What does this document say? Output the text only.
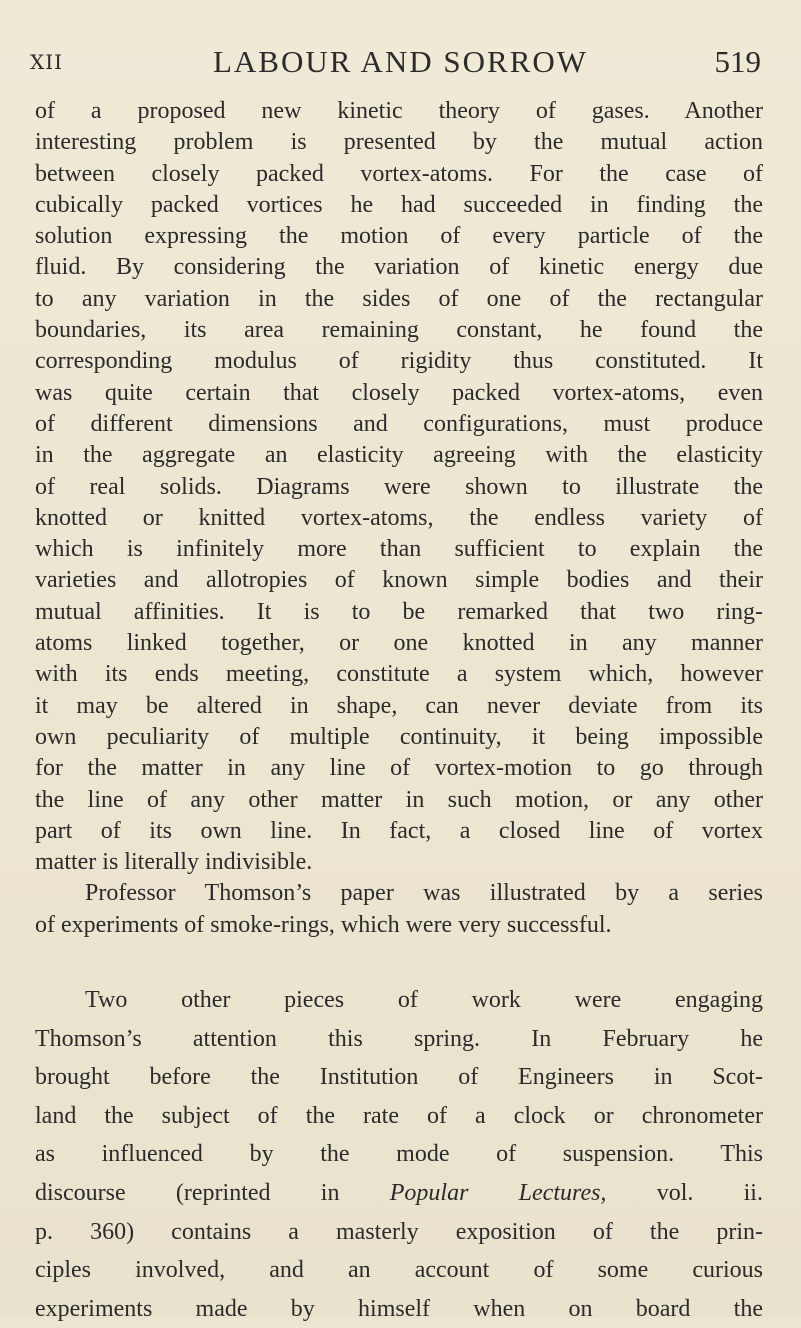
XII	LABOUR AND SORROW	519
of a proposed new kinetic theory of gases. Another
interesting problem is presented by the mutual action
between closely packed vortex-atoms. For the case of
cubically packed vortices he had succeeded in finding the
solution expressing the motion of every particle of the
fluid. By considering the variation of kinetic energy due
to any variation in the sides of one of the rectangular
boundaries, its area remaining constant, he found the
corresponding modulus of rigidity thus constituted. It
was quite certain that closely packed vortex-atoms, even
of different dimensions and configurations, must produce
in the aggregate an elasticity agreeing with the elasticity
of real solids. Diagrams were shown to illustrate the
knotted or knitted vortex-atoms, the endless variety of
which is infinitely more than sufficient to explain the
varieties and allotropies of known simple bodies and their
mutual affinities. It is to be remarked that two ring-
atoms linked together, or one knotted in any manner
with its ends meeting, constitute a system which, however
it may be altered in shape, can never deviate from its
own peculiarity of multiple continuity, it being impossible
for the matter in any line of vortex-motion to go through
the line of any other matter in such motion, or any other
part of its own line. In fact, a closed line of vortex
matter is literally indivisible.
Professor Thomson’s paper was illustrated by a series
of experiments of smoke-rings, which were very successful.
Two other pieces of work were engaging
Thomson’s attention this spring. In February he
brought before the Institution of Engineers in Scot-
land the subject of the rate of a clock or chronometer
as influenced by the mode of suspension. This
discourse (reprinted in Popular Lectures, vol. ii.
p. 360) contains a masterly exposition of the prin-
ciples involved, and an account of some curious
experiments made by himself when on board the
